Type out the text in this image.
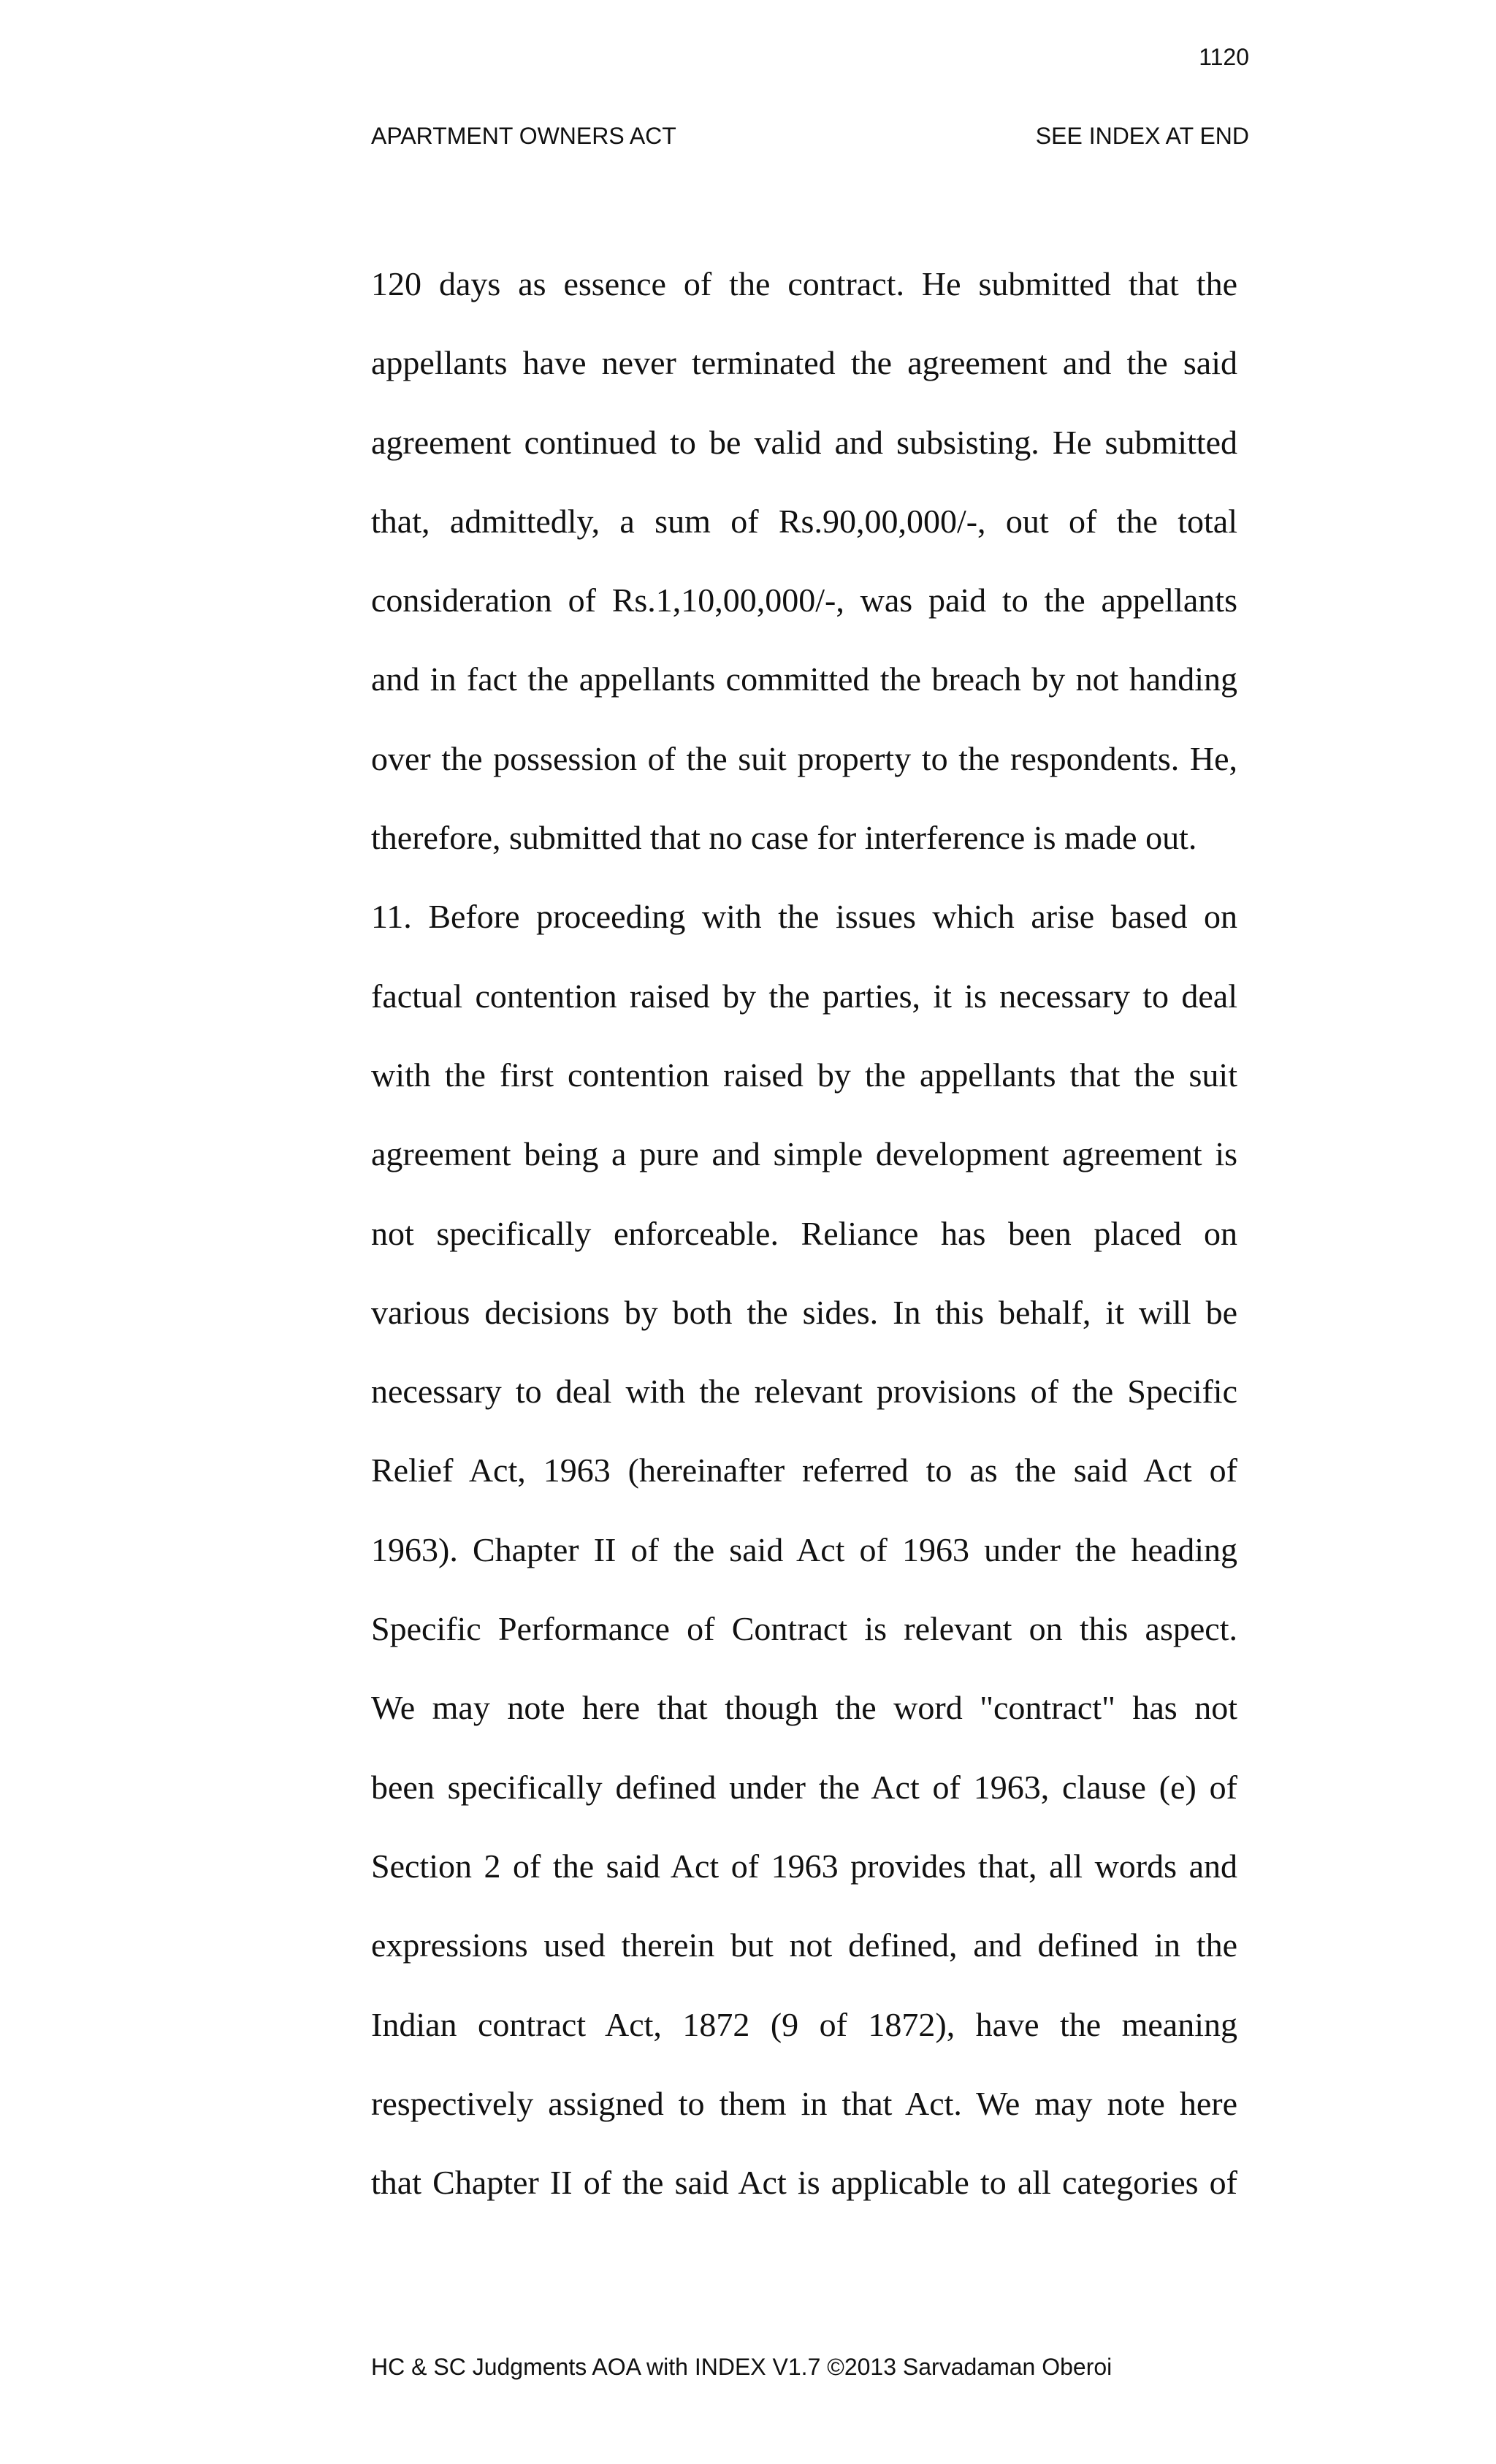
1120
APARTMENT OWNERS ACT	SEE INDEX AT END
120 days as essence of the contract. He submitted that the
appellants have never terminated the agreement and the said
agreement continued to be valid and subsisting. He submitted
that, admittedly, a sum of Rs.90,00,000/-, out of the total
consideration of Rs.1,10,00,000/-, was paid to the appellants
and in fact the appellants committed the breach by not handing
over the possession of the suit property to the respondents. He,
therefore, submitted that no case for interference is made out.
11. Before proceeding with the issues which arise based on
factual contention raised by the parties, it is necessary to deal
with the first contention raised by the appellants that the suit
agreement being a pure and simple development agreement is
not specifically enforceable. Reliance has been placed on
various decisions by both the sides. In this behalf, it will be
necessary to deal with the relevant provisions of the Specific
Relief Act, 1963 (hereinafter referred to as the said Act of
1963). Chapter II of the said Act of 1963 under the heading
Specific Performance of Contract is relevant on this aspect.
We may note here that though the word "contract" has not
been specifically defined under the Act of 1963, clause (e) of
Section 2 of the said Act of 1963 provides that, all words and
expressions used therein but not defined, and defined in the
Indian contract Act, 1872 (9 of 1872), have the meaning
respectively assigned to them in that Act. We may note here
that Chapter II of the said Act is applicable to all categories of
HC & SC Judgments AOA with INDEX V1.7 ©2013 Sarvadaman Oberoi
